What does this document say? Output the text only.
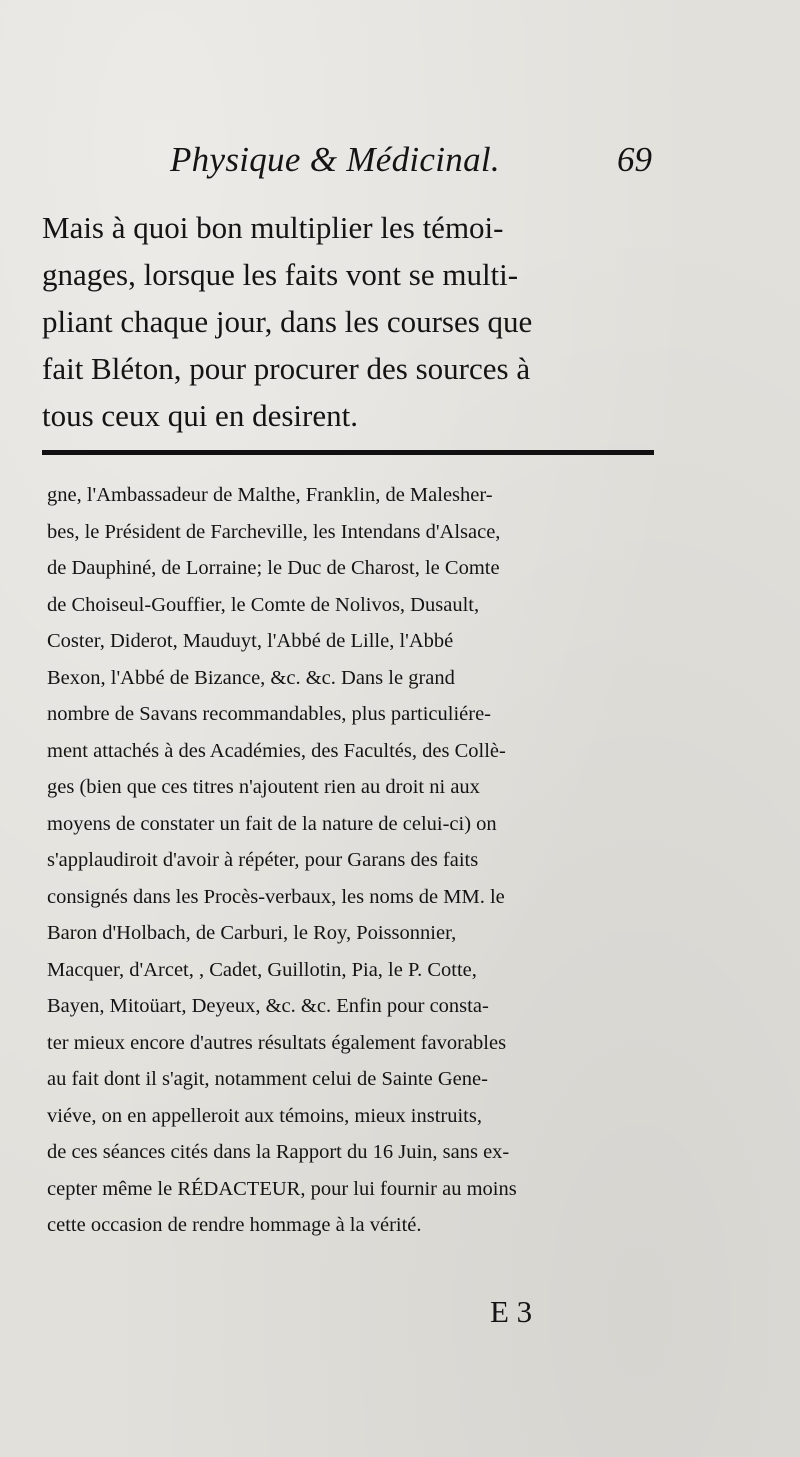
Physique & Médicinal.	69
Mais à quoi bon multiplier les témoi-
gnages, lorsque les faits vont se multi-
pliant chaque jour, dans les courses que
fait Bléton, pour procurer des sources à
tous ceux qui en desirent.
gne, l'Ambassadeur de Malthe, Franklin, de Malesher-
bes, le Président de Farcheville, les Intendans d'Alsace,
de Dauphiné, de Lorraine; le Duc de Charost, le Comte
de Choiseul-Gouffier, le Comte de Nolivos, Dusault,
Coster, Diderot, Mauduyt, l'Abbé de Lille, l'Abbé
Bexon, l'Abbé de Bizance, &c. &c. Dans le grand
nombre de Savans recommandables, plus particuliére-
ment attachés à des Académies, des Facultés, des Collè-
ges (bien que ces titres n'ajoutent rien au droit ni aux
moyens de constater un fait de la nature de celui-ci) on
s'applaudiroit d'avoir à répéter, pour Garans des faits
consignés dans les Procès-verbaux, les noms de MM. le
Baron d'Holbach, de Carburi, le Roy, Poissonnier,
Macquer, d'Arcet, , Cadet, Guillotin, Pia, le P. Cotte,
Bayen, Mitoüart, Deyeux, &c. &c. Enfin pour consta-
ter mieux encore d'autres résultats également favorables
au fait dont il s'agit, notamment celui de Sainte Gene-
viéve, on en appelleroit aux témoins, mieux instruits,
de ces séances cités dans la Rapport du 16 Juin, sans ex-
cepter même le RÉDACTEUR, pour lui fournir au moins
cette occasion de rendre hommage à la vérité.
E 3
